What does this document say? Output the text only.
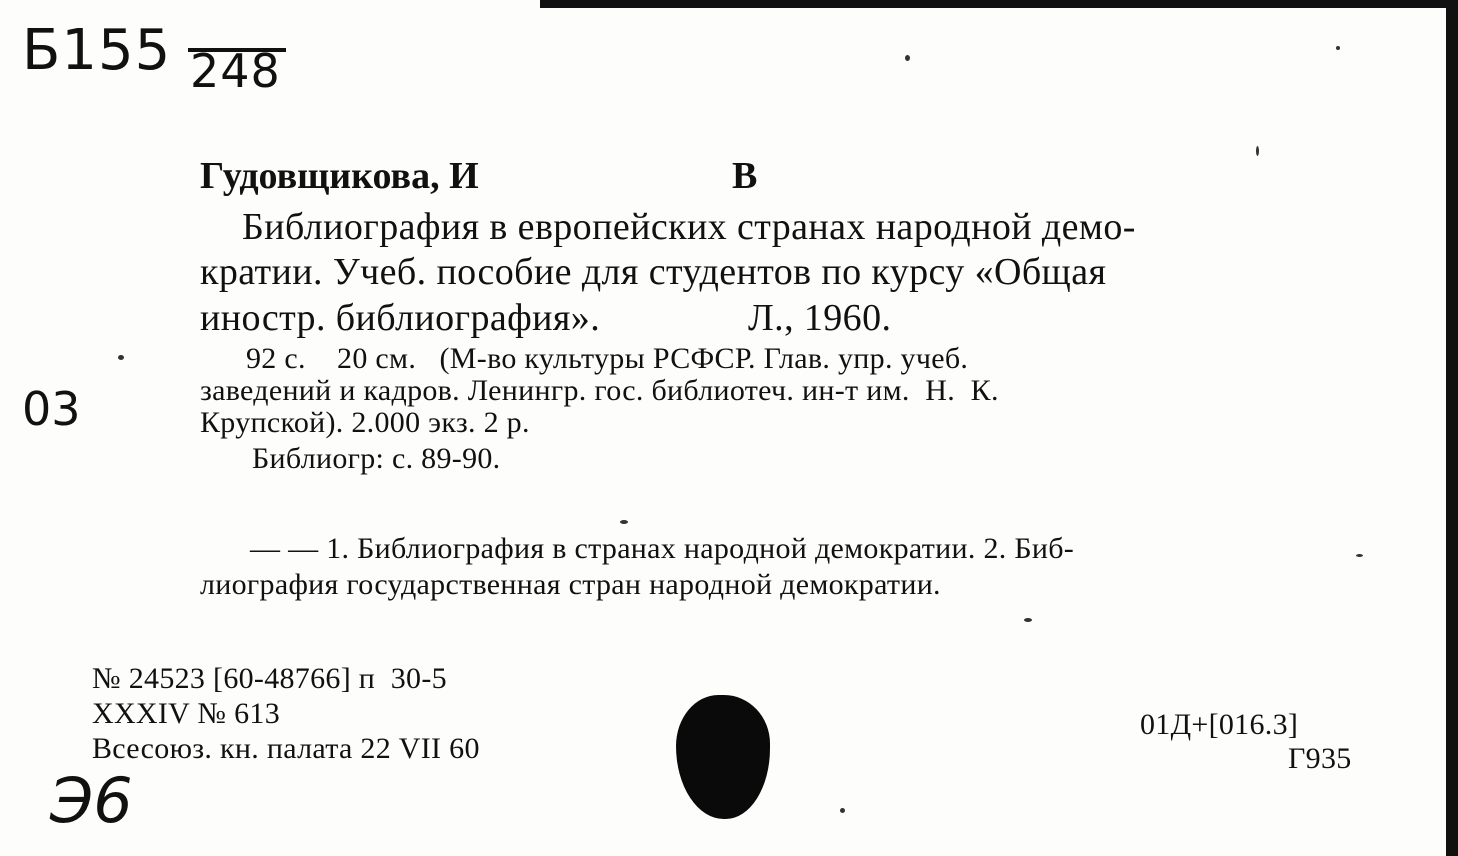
Б155 248
03
Э6
Гудовщикова, И	В
Библиография в европейских странах народной демо-
кратии. Учеб. пособие для студентов по курсу «Общая
иностр. библиография».	Л., 1960.
92 с.    20 см.   (М-во культуры РСФСР. Глав. упр. учеб.
заведений и кадров. Ленингр. гос. библиотеч. ин-т им.  Н.  К.
Крупской). 2.000 экз. 2 р.
Библиогр: с. 89-90.
— — 1. Библиография в странах народной демократии. 2. Биб-
лиография государственная стран народной демократии.
№ 24523 [60-48766] п  30-5
XXXIV № 613
Всесоюз. кн. палата 22 VII 60
01Д+[016.3]
Г935
